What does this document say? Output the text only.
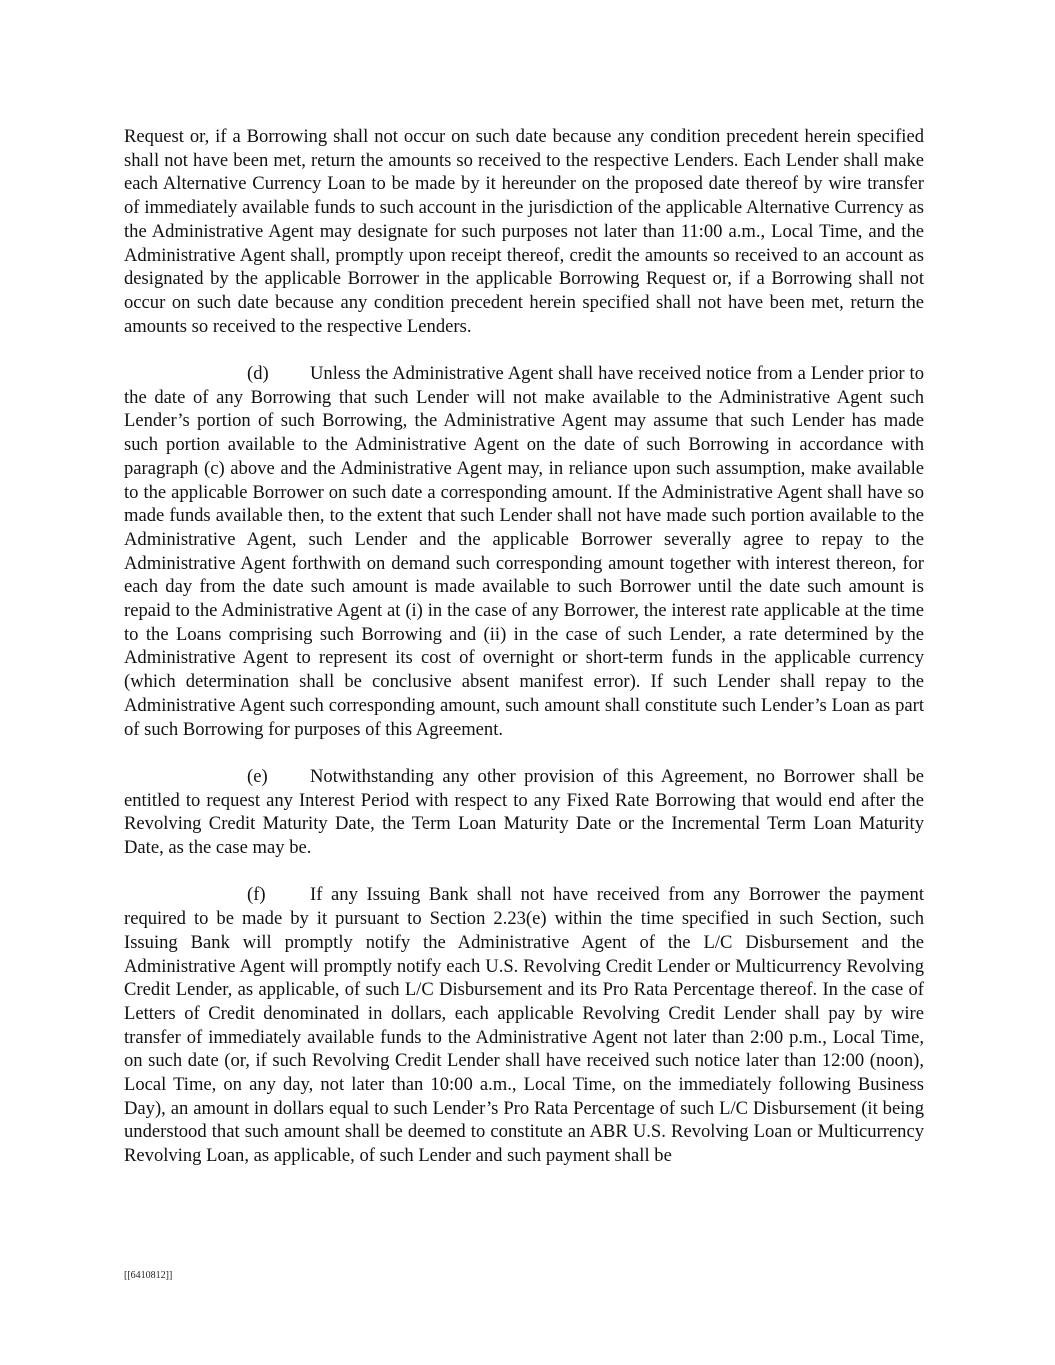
Request or, if a Borrowing shall not occur on such date because any condition precedent herein specified shall not have been met, return the amounts so received to the respective Lenders. Each Lender shall make each Alternative Currency Loan to be made by it hereunder on the proposed date thereof by wire transfer of immediately available funds to such account in the jurisdiction of the applicable Alternative Currency as the Administrative Agent may designate for such purposes not later than 11:00 a.m., Local Time, and the Administrative Agent shall, promptly upon receipt thereof, credit the amounts so received to an account as designated by the applicable Borrower in the applicable Borrowing Request or, if a Borrowing shall not occur on such date because any condition precedent herein specified shall not have been met, return the amounts so received to the respective Lenders.

(d) Unless the Administrative Agent shall have received notice from a Lender prior to the date of any Borrowing that such Lender will not make available to the Administrative Agent such Lender’s portion of such Borrowing, the Administrative Agent may assume that such Lender has made such portion available to the Administrative Agent on the date of such Borrowing in accordance with paragraph (c) above and the Administrative Agent may, in reliance upon such assumption, make available to the applicable Borrower on such date a corresponding amount. If the Administrative Agent shall have so made funds available then, to the extent that such Lender shall not have made such portion available to the Administrative Agent, such Lender and the applicable Borrower severally agree to repay to the Administrative Agent forthwith on demand such corresponding amount together with interest thereon, for each day from the date such amount is made available to such Borrower until the date such amount is repaid to the Administrative Agent at (i) in the case of any Borrower, the interest rate applicable at the time to the Loans comprising such Borrowing and (ii) in the case of such Lender, a rate determined by the Administrative Agent to represent its cost of overnight or short-term funds in the applicable currency (which determination shall be conclusive absent manifest error). If such Lender shall repay to the Administrative Agent such corresponding amount, such amount shall constitute such Lender’s Loan as part of such Borrowing for purposes of this Agreement.

(e) Notwithstanding any other provision of this Agreement, no Borrower shall be entitled to request any Interest Period with respect to any Fixed Rate Borrowing that would end after the Revolving Credit Maturity Date, the Term Loan Maturity Date or the Incremental Term Loan Maturity Date, as the case may be.

(f) If any Issuing Bank shall not have received from any Borrower the payment required to be made by it pursuant to Section 2.23(e) within the time specified in such Section, such Issuing Bank will promptly notify the Administrative Agent of the L/C Disbursement and the Administrative Agent will promptly notify each U.S. Revolving Credit Lender or Multicurrency Revolving Credit Lender, as applicable, of such L/C Disbursement and its Pro Rata Percentage thereof. In the case of Letters of Credit denominated in dollars, each applicable Revolving Credit Lender shall pay by wire transfer of immediately available funds to the Administrative Agent not later than 2:00 p.m., Local Time, on such date (or, if such Revolving Credit Lender shall have received such notice later than 12:00 (noon), Local Time, on any day, not later than 10:00 a.m., Local Time, on the immediately following Business Day), an amount in dollars equal to such Lender’s Pro Rata Percentage of such L/C Disbursement (it being understood that such amount shall be deemed to constitute an ABR U.S. Revolving Loan or Multicurrency Revolving Loan, as applicable, of such Lender and such payment shall be

[[6410812]]
